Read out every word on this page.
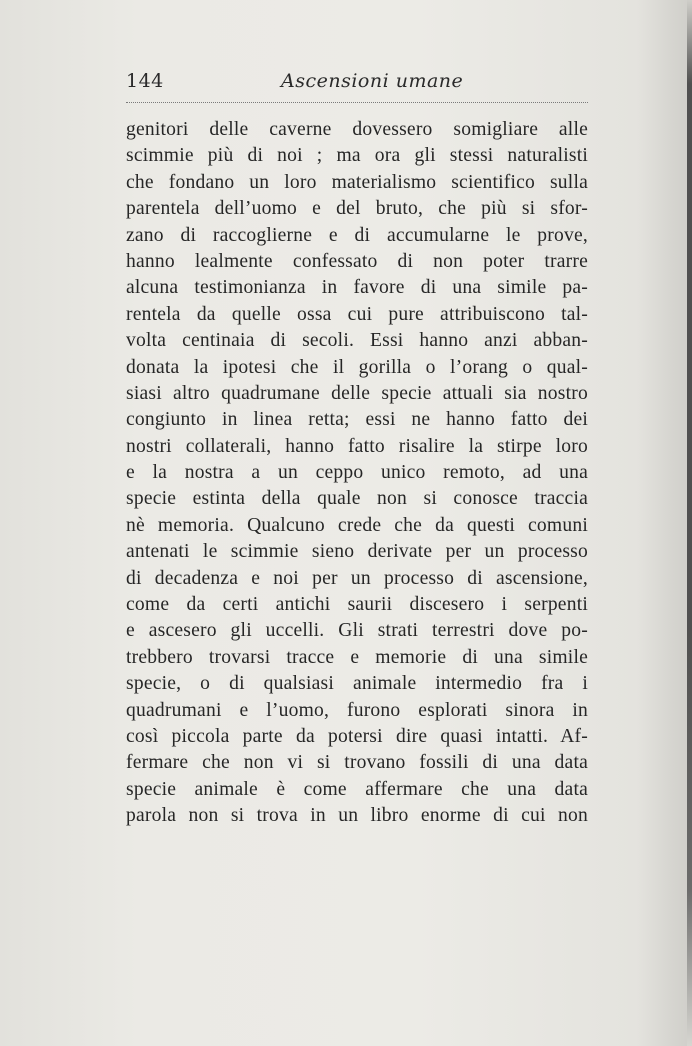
144	Ascensioni umane
genitori delle caverne dovessero somigliare alle
scimmie più di noi ; ma ora gli stessi naturalisti
che fondano un loro materialismo scientifico sulla
parentela dell’uomo e del bruto, che più si sfor-
zano di raccoglierne e di accumularne le prove,
hanno lealmente confessato di non poter trarre
alcuna testimonianza in favore di una simile pa-
rentela da quelle ossa cui pure attribuiscono tal-
volta centinaia di secoli. Essi hanno anzi abban-
donata la ipotesi che il gorilla o l’orang o qual-
siasi altro quadrumane delle specie attuali sia nostro
congiunto in linea retta; essi ne hanno fatto dei
nostri collaterali, hanno fatto risalire la stirpe loro
e la nostra a un ceppo unico remoto, ad una
specie estinta della quale non si conosce traccia
nè memoria. Qualcuno crede che da questi comuni
antenati le scimmie sieno derivate per un processo
di decadenza e noi per un processo di ascensione,
come da certi antichi saurii discesero i serpenti
e ascesero gli uccelli. Gli strati terrestri dove po-
trebbero trovarsi tracce e memorie di una simile
specie, o di qualsiasi animale intermedio fra i
quadrumani e l’uomo, furono esplorati sinora in
così piccola parte da potersi dire quasi intatti. Af-
fermare che non vi si trovano fossili di una data
specie animale è come affermare che una data
parola non si trova in un libro enorme di cui non
